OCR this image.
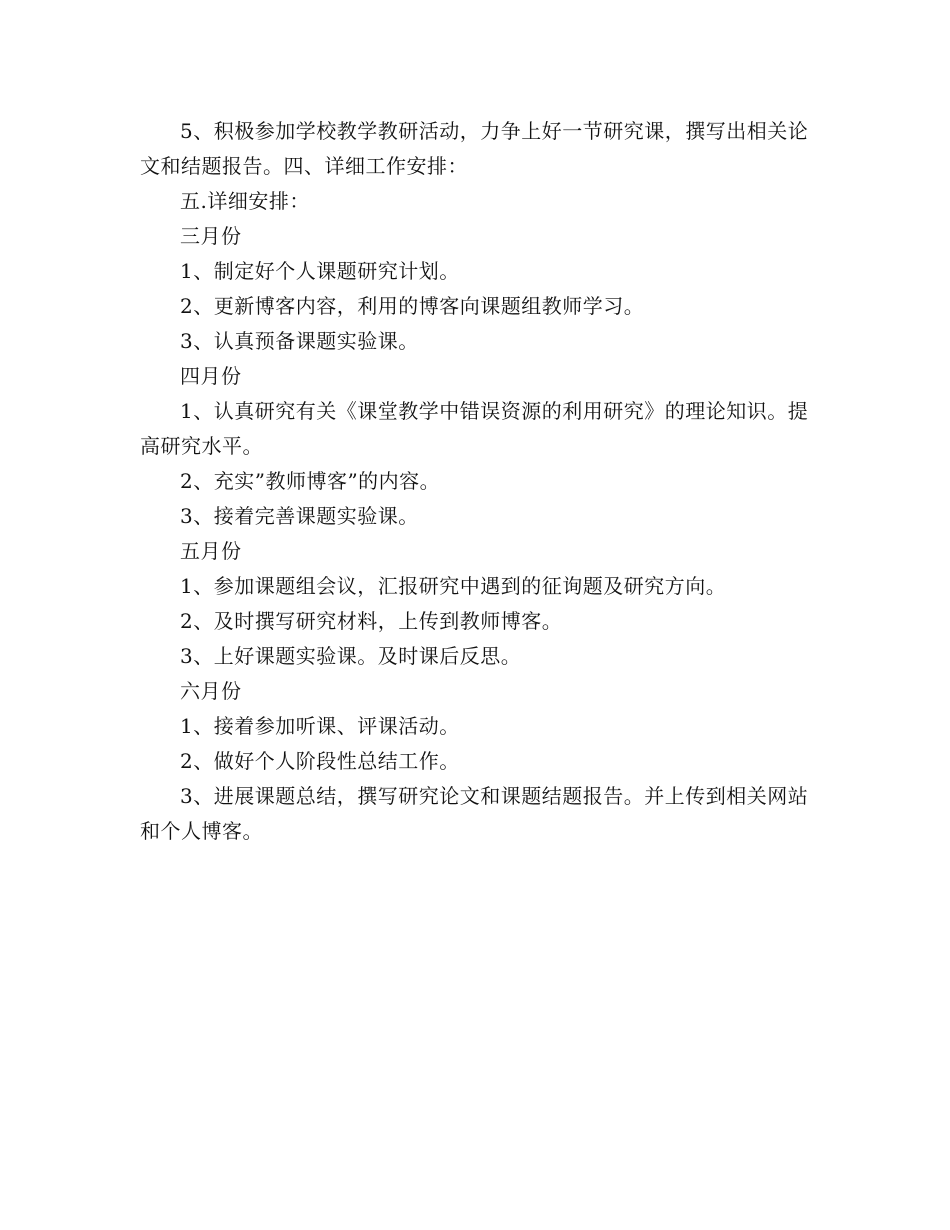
5、积极参加学校教学教研活动，力争上好一节研究课，撰写出相关论文和结题报告。四、详细工作安排：

五.详细安排：

三月份

1、制定好个人课题研究计划。

2、更新博客内容，利用的博客向课题组教师学习。

3、认真预备课题实验课。

四月份

1、认真研究有关《课堂教学中错误资源的利用研究》的理论知识。提高研究水平。

2、充实”教师博客”的内容。

3、接着完善课题实验课。

五月份

1、参加课题组会议，汇报研究中遇到的征询题及研究方向。

2、及时撰写研究材料，上传到教师博客。

3、上好课题实验课。及时课后反思。

六月份

1、接着参加听课、评课活动。

2、做好个人阶段性总结工作。

3、进展课题总结，撰写研究论文和课题结题报告。并上传到相关网站和个人博客。
